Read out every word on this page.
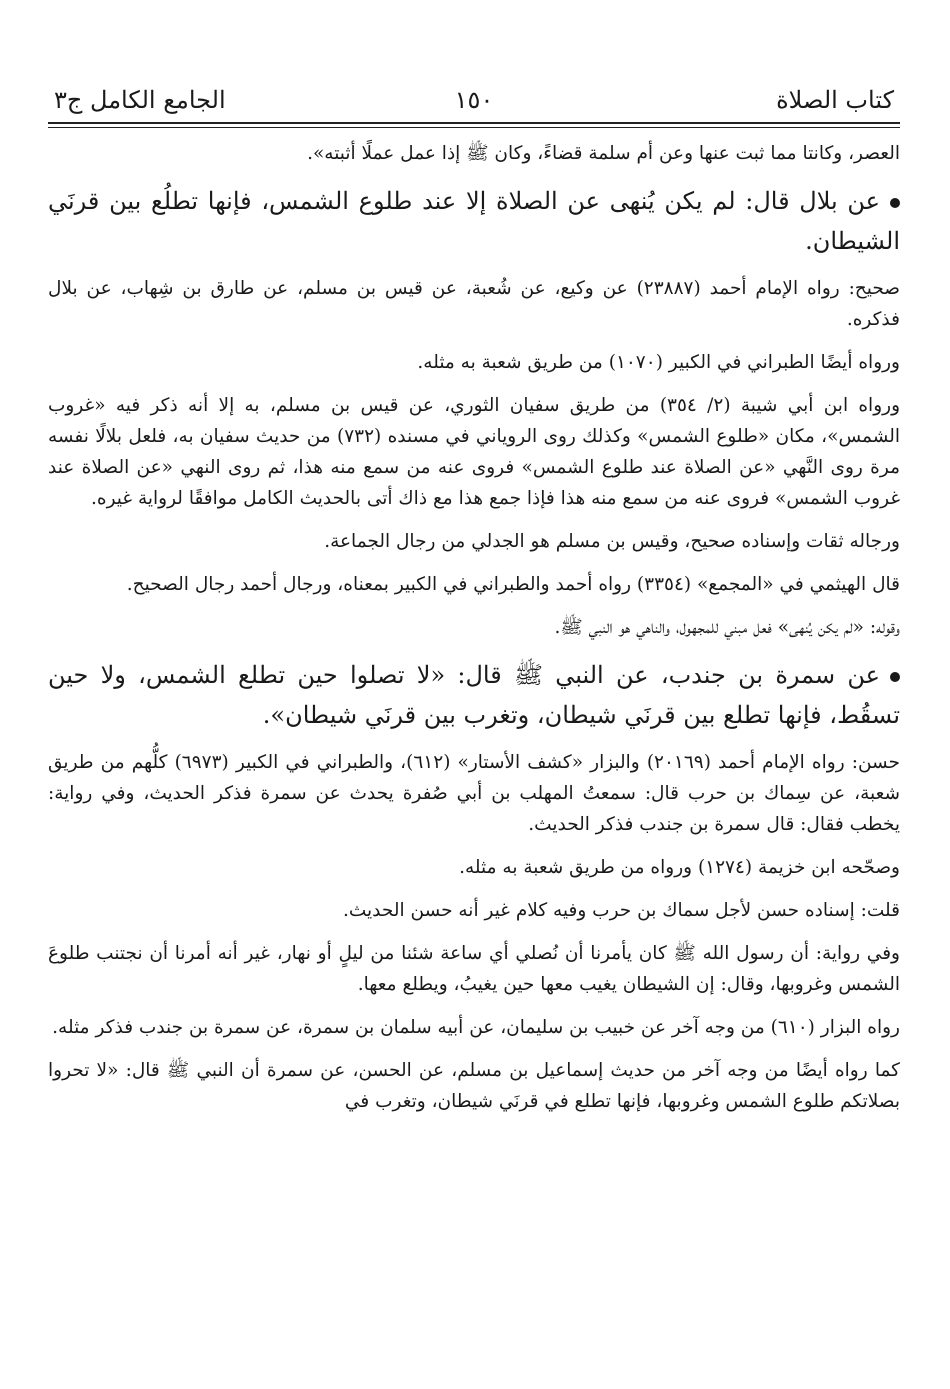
كتاب الصلاة
١٥٠
الجامع الكامل ج٣

العصر، وكانتا مما ثبت عنها وعن أم سلمة قضاءً، وكان ﷺ إذا عمل عملًا أثبته».

عن بلال قال: لم يكن يُنهى عن الصلاة إلا عند طلوع الشمس، فإنها تطلُع بين قرنَي الشيطان.

صحيح: رواه الإمام أحمد (٢٣٨٨٧) عن وكيع، عن شُعبة، عن قيس بن مسلم، عن طارق بن شِهاب، عن بلال فذكره.

ورواه أيضًا الطبراني في الكبير (١٠٧٠) من طريق شعبة به مثله.

ورواه ابن أبي شيبة (٢/ ٣٥٤) من طريق سفيان الثوري، عن قيس بن مسلم، به إلا أنه ذكر فيه «غروب الشمس»، مكان «طلوع الشمس» وكذلك روى الروياني في مسنده (٧٣٢) من حديث سفيان به، فلعل بلالًا نفسه مرة روى النَّهي «عن الصلاة عند طلوع الشمس» فروى عنه من سمع منه هذا، ثم روى النهي «عن الصلاة عند غروب الشمس» فروى عنه من سمع منه هذا فإذا جمع هذا مع ذاك أتى بالحديث الكامل موافقًا لرواية غيره.

ورجاله ثقات وإسناده صحيح، وقيس بن مسلم هو الجدلي من رجال الجماعة.

قال الهيثمي في «المجمع» (٣٣٥٤) رواه أحمد والطبراني في الكبير بمعناه، ورجال أحمد رجال الصحيح.

وقوله: «لم يكن يُنهى» فعل مبني للمجهول، والناهي هو النبي ﷺ.

عن سمرة بن جندب، عن النبي ﷺ قال: «لا تصلوا حين تطلع الشمس، ولا حين تسقُط، فإنها تطلع بين قرنَي شيطان، وتغرب بين قرنَي شيطان».

حسن: رواه الإمام أحمد (٢٠١٦٩) والبزار «كشف الأستار» (٦١٢)، والطبراني في الكبير (٦٩٧٣) كلُّهم من طريق شعبة، عن سِماك بن حرب قال: سمعتُ المهلب بن أبي صُفرة يحدث عن سمرة فذكر الحديث، وفي رواية: يخطب فقال: قال سمرة بن جندب فذكر الحديث.

وصحّحه ابن خزيمة (١٢٧٤) ورواه من طريق شعبة به مثله.

قلت: إسناده حسن لأجل سماك بن حرب وفيه كلام غير أنه حسن الحديث.

وفي رواية: أن رسول الله ﷺ كان يأمرنا أن نُصلي أي ساعة شئنا من ليلٍ أو نهار، غير أنه أمرنا أن نجتنب طلوعَ الشمس وغروبها، وقال: إن الشيطان يغيب معها حين يغيبُ، ويطلع معها.

رواه البزار (٦١٠) من وجه آخر عن خبيب بن سليمان، عن أبيه سلمان بن سمرة، عن سمرة بن جندب فذكر مثله.

كما رواه أيضًا من وجه آخر من حديث إسماعيل بن مسلم، عن الحسن، عن سمرة أن النبي ﷺ قال: «لا تحروا بصلاتكم طلوع الشمس وغروبها، فإنها تطلع في قرنَي شيطان، وتغرب في
